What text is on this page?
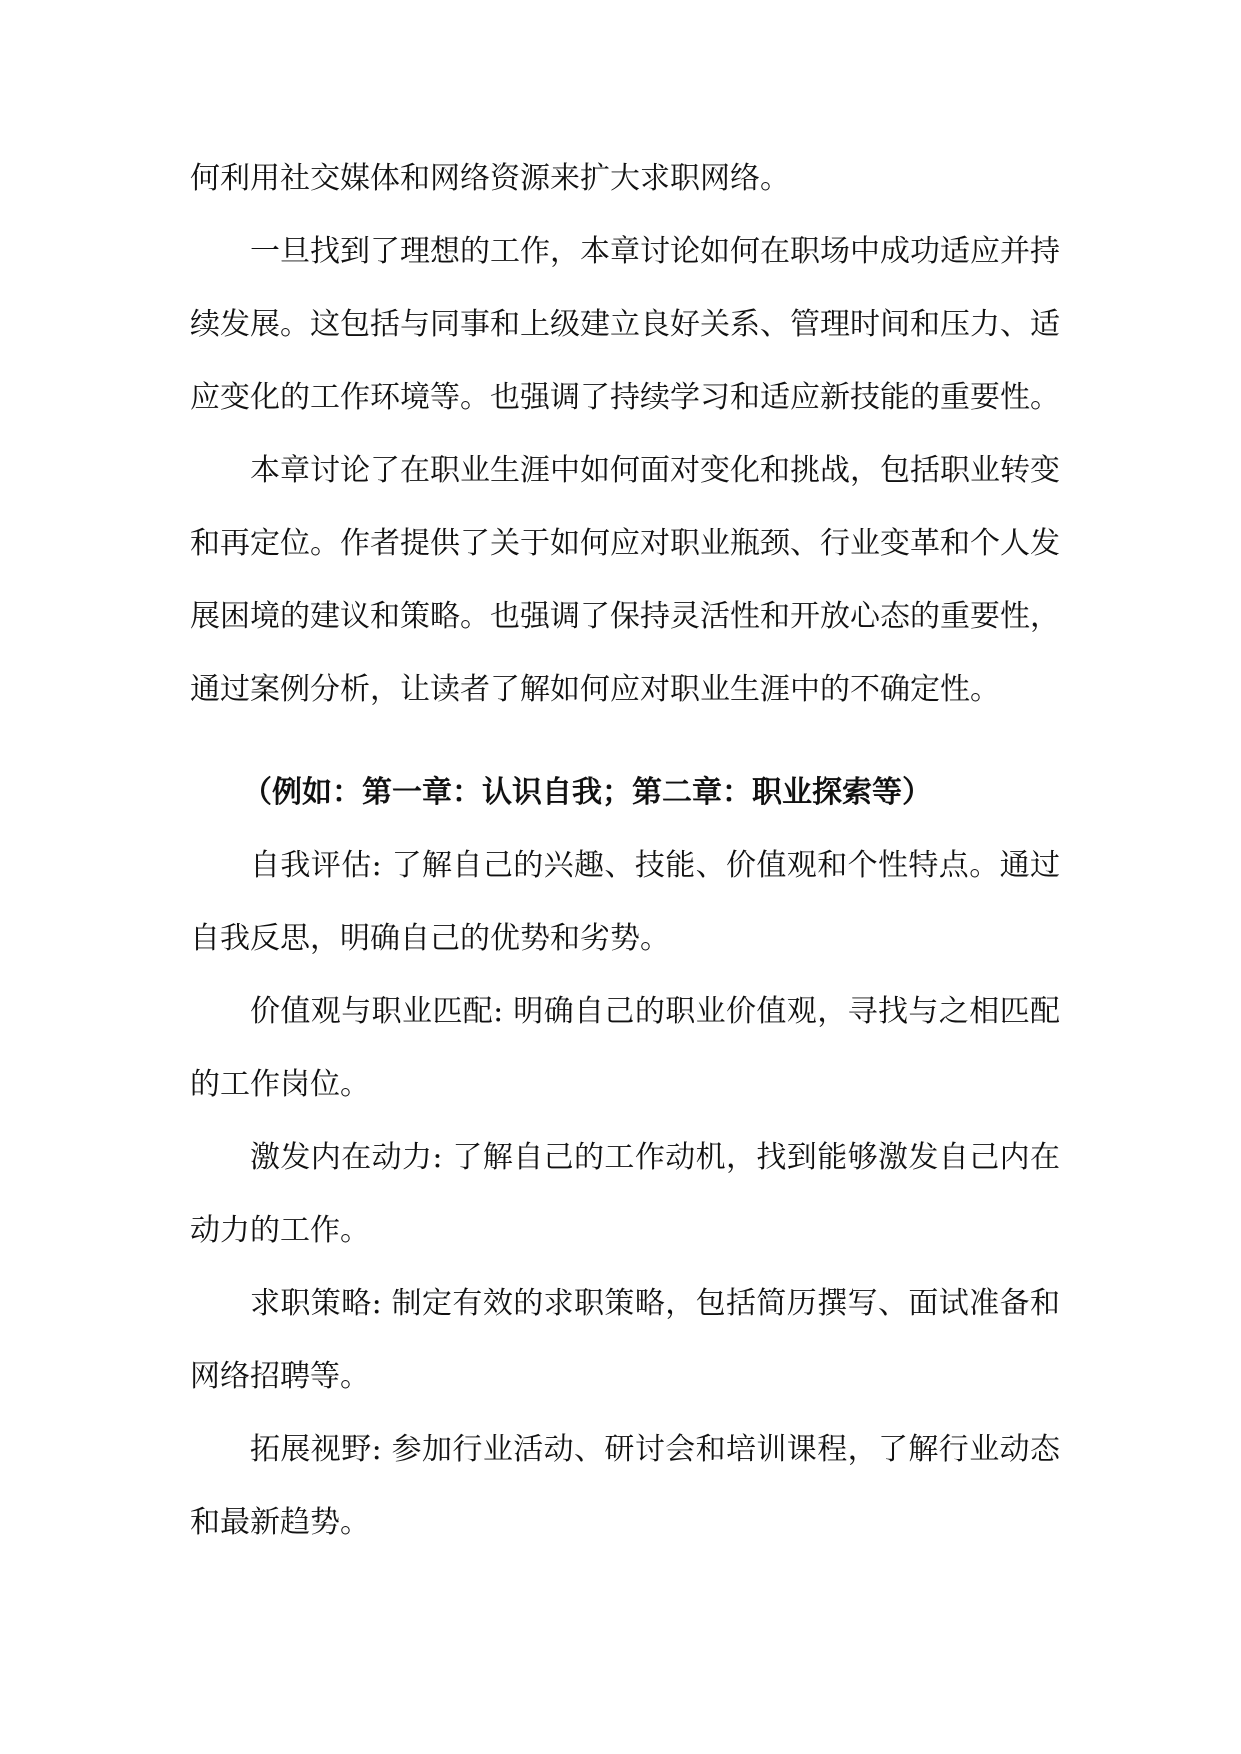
何利用社交媒体和网络资源来扩大求职网络。

一旦找到了理想的工作，本章讨论如何在职场中成功适应并持续发展。这包括与同事和上级建立良好关系、管理时间和压力、适应变化的工作环境等。也强调了持续学习和适应新技能的重要性。

本章讨论了在职业生涯中如何面对变化和挑战，包括职业转变和再定位。作者提供了关于如何应对职业瓶颈、行业变革和个人发展困境的建议和策略。也强调了保持灵活性和开放心态的重要性，通过案例分析，让读者了解如何应对职业生涯中的不确定性。

（例如：第一章：认识自我；第二章：职业探索等）

自我评估: 了解自己的兴趣、技能、价值观和个性特点。通过自我反思，明确自己的优势和劣势。

价值观与职业匹配: 明确自己的职业价值观，寻找与之相匹配的工作岗位。

激发内在动力: 了解自己的工作动机，找到能够激发自己内在动力的工作。

求职策略: 制定有效的求职策略，包括简历撰写、面试准备和网络招聘等。

拓展视野: 参加行业活动、研讨会和培训课程，了解行业动态和最新趋势。
